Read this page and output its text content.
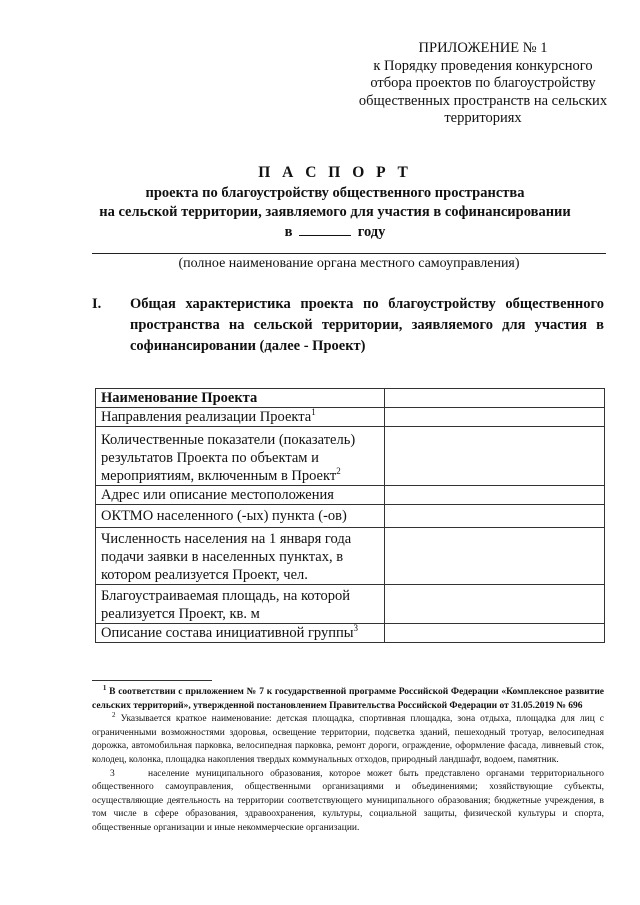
ПРИЛОЖЕНИЕ № 1
к Порядку проведения конкурсного
отбора проектов по благоустройству
общественных пространств на сельских
территориях
П А С П О Р Т
проекта по благоустройству общественного пространства
на сельской территории, заявляемого для участия в софинансировании
в	году
(полное наименование органа местного самоуправления)
I. Общая характеристика проекта по благоустройству общественного
пространства на сельской территории, заявляемого для участия в
софинансировании (далее - Проект)
Наименование Проекта	
Направления реализации Проекта$^1$	
Количественные показатели (показатель) результатов Проекта по объектам и мероприятиям, включенным в Проект$^2$	
Адрес или описание местоположения	
ОКТМО населенного (-ых) пункта (-ов)	
Численность населения на 1 января года подачи заявки в населенных пунктах, в котором реализуется Проект, чел.	
Благоустраиваемая площадь, на которой реализуется Проект, кв. м	
Описание состава инициативной группы$^3$	

$^1$ В соответствии с приложением № 7 к государственной программе Российской Федерации «Комплексное развитие сельских территорий», утвержденной постановлением Правительства Российской Федерации от 31.05.2019 № 696

$^2$ Указывается краткое наименование: детская площадка, спортивная площадка, зона отдыха, площадка для лиц с ограниченными возможностями здоровья, освещение территории, подсветка зданий, пешеходный тротуар, велосипедная дорожка, автомобильная парковка, велосипедная парковка, ремонт дороги, ограждение, оформление фасада, ливневый сток, колодец, колонка, площадка накопления твердых коммунальных отходов, природный ландшафт, водоем, памятник.

3	население муниципального образования, которое может быть представлено органами территориального общественного самоуправления, общественными организациями и объединениями; хозяйствующие субъекты, осуществляющие деятельность на территории соответствующего муниципального образования; бюджетные учреждения, в том числе в сфере образования, здравоохранения, культуры, социальной защиты, физической культуры и спорта, общественные организации и иные некоммерческие организации.
